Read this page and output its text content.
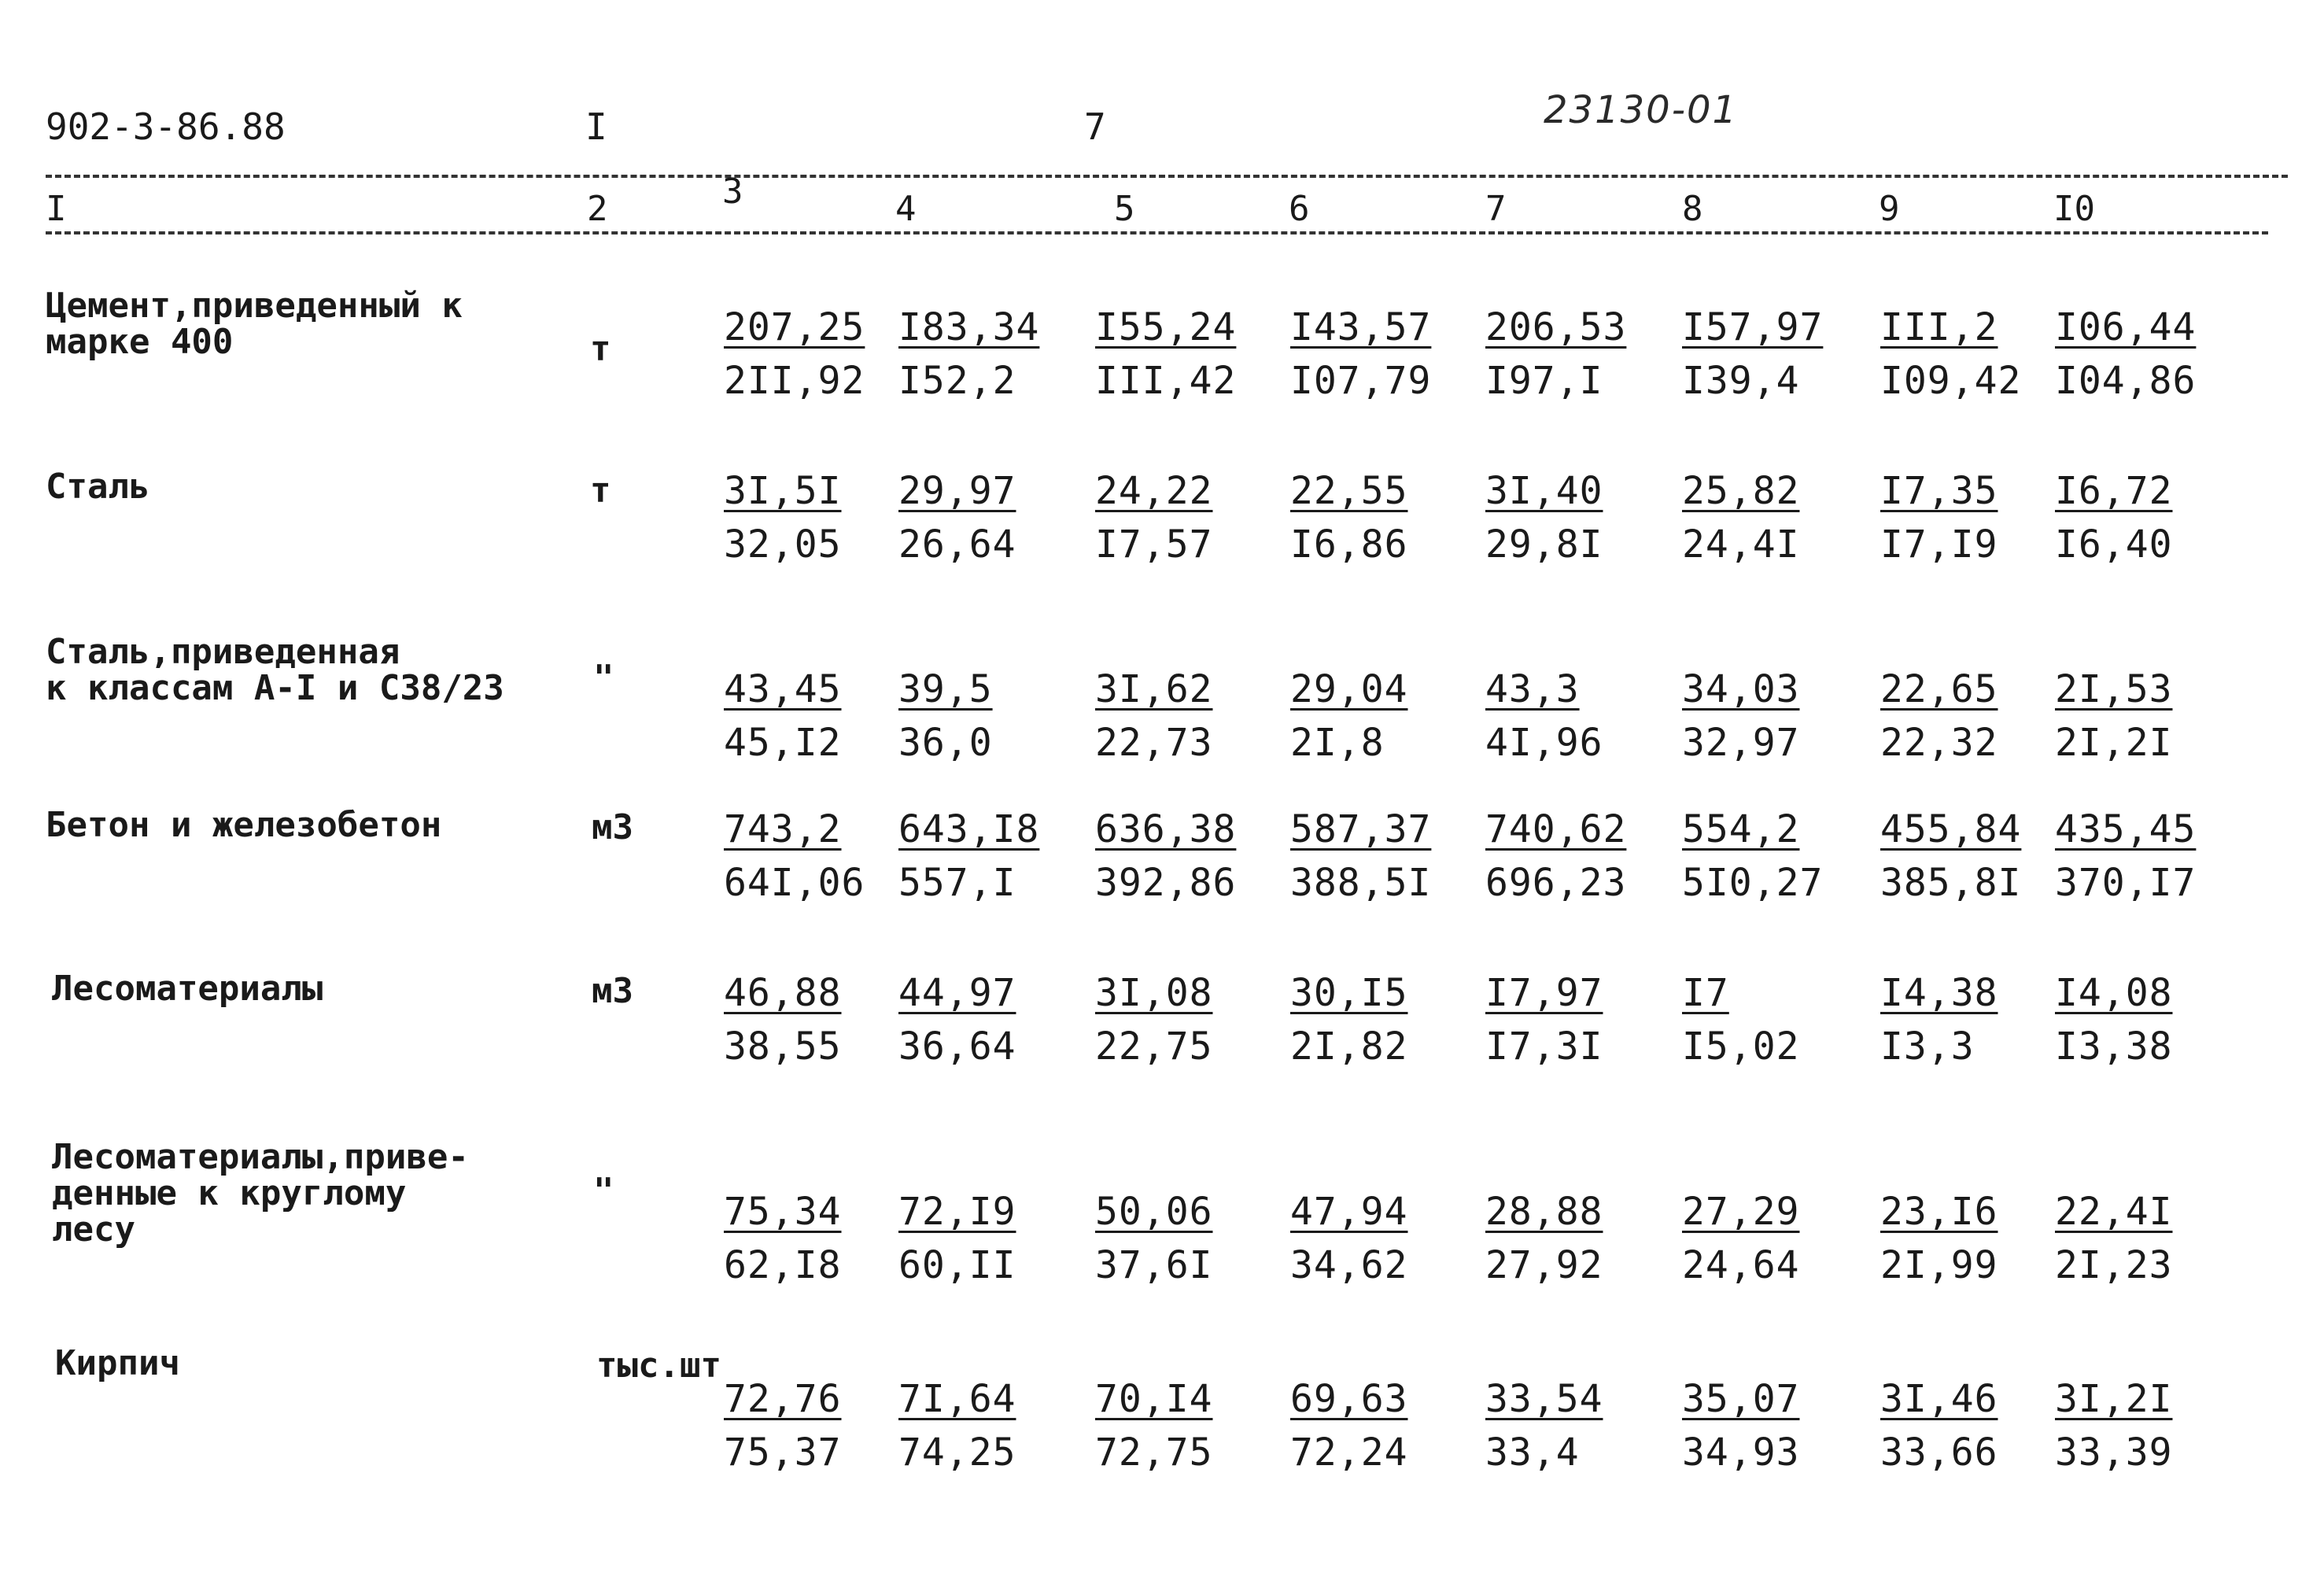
902-3-86.88	I	7	23130-01
I	2	3	4	5	6	7	8	9	I0
Цемент,приведенный к
марке 400	т	207,25 I83,34 I55,24 I43,57 206,53 I57,97 III,2 I06,44
2II,92 I52,2 III,42 I07,79 I97,I I39,4 I09,42 I04,86
Сталь	т	3I,5I 29,97 24,22 22,55 3I,40 25,82 I7,35 I6,72
32,05 26,64 I7,57 I6,86 29,8I 24,4I I7,I9 I6,40
Сталь,приведенная
к классам А-I и С38/23	"	43,45 39,5	3I,62 29,04 43,3	34,03 22,65 2I,53
45,I2 36,0	22,73 2I,8	4I,96 32,97 22,32 2I,2I
Бетон и железобетон	м3 743,2 643,I8 636,38 587,37 740,62 554,2 455,84 435,45
64I,06 557,I 392,86 388,5I 696,23 5I0,27 385,8I 370,I7
Лесоматериалы	м3 46,88 44,97 3I,08 30,I5 I7,97 I7	I4,38 I4,08
38,55 36,64 22,75 2I,82 I7,3I I5,02 I3,3 I3,38
Лесоматериалы,приве-
денные к круглому
лесу
"	75,34 72,I9 50,06 47,94 28,88 27,29 23,I6 22,4I
62,I8 60,II 37,6I 34,62 27,92 24,64 2I,99 2I,23
Кирпич	тыс.шт
72,76 7I,64 70,I4 69,63 33,54 35,07 3I,46 3I,2I
75,37 74,25 72,75 72,24 33,4	34,93 33,66 33,39
